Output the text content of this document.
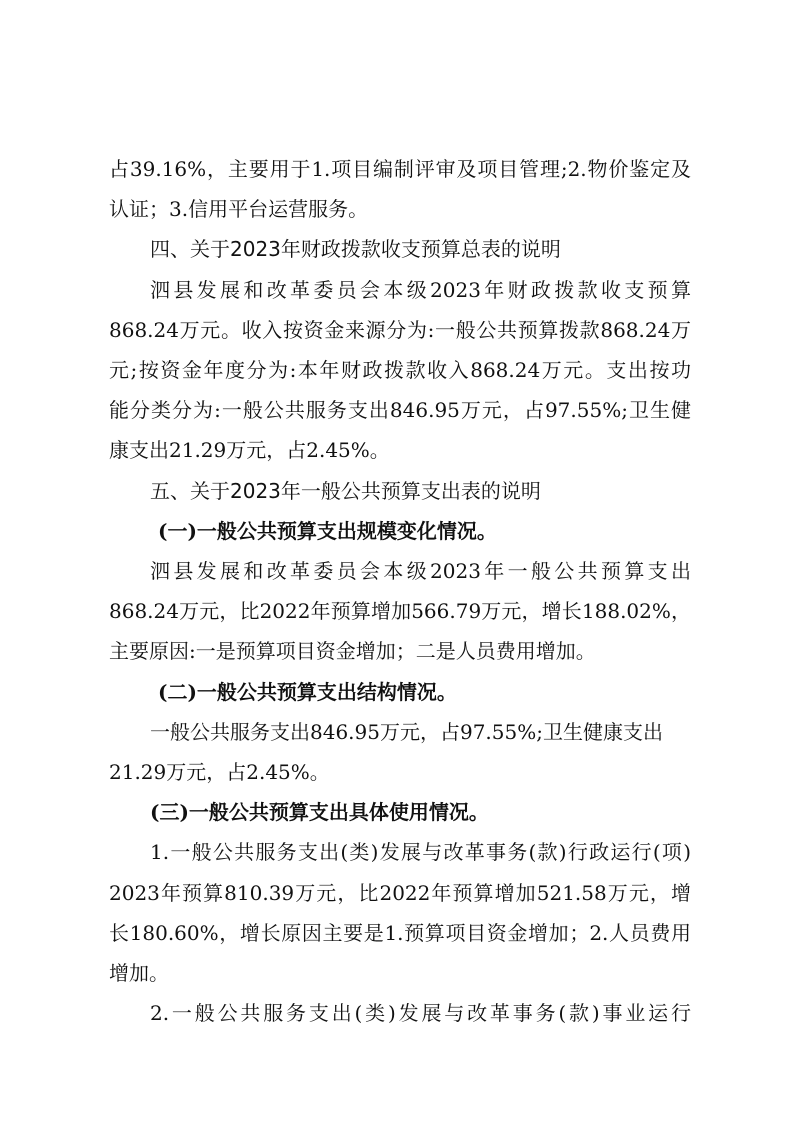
占39.16%，主要用于1.项目编制评审及项目管理;2.物价鉴定及
认证；3.信用平台运营服务。
四、关于2023年财政拨款收支预算总表的说明
泗县发展和改革委员会本级2023年财政拨款收支预算
868.24万元。收入按资金来源分为:一般公共预算拨款868.24万
元;按资金年度分为:本年财政拨款收入868.24万元。支出按功
能分类分为:一般公共服务支出846.95万元，占97.55%;卫生健
康支出21.29万元，占2.45%。
五、关于2023年一般公共预算支出表的说明
(一)一般公共预算支出规模变化情况。
泗县发展和改革委员会本级2023年一般公共预算支出
868.24万元，比2022年预算增加566.79万元，增长188.02%，
主要原因:一是预算项目资金增加；二是人员费用增加。
(二)一般公共预算支出结构情况。
一般公共服务支出846.95万元，占97.55%;卫生健康支出
21.29万元，占2.45%。
(三)一般公共预算支出具体使用情况。
1.一般公共服务支出(类)发展与改革事务(款)行政运行(项)
2023年预算810.39万元，比2022年预算增加521.58万元，增
长180.60%，增长原因主要是1.预算项目资金增加；2.人员费用
增加。
2.一般公共服务支出(类)发展与改革事务(款)事业运行
